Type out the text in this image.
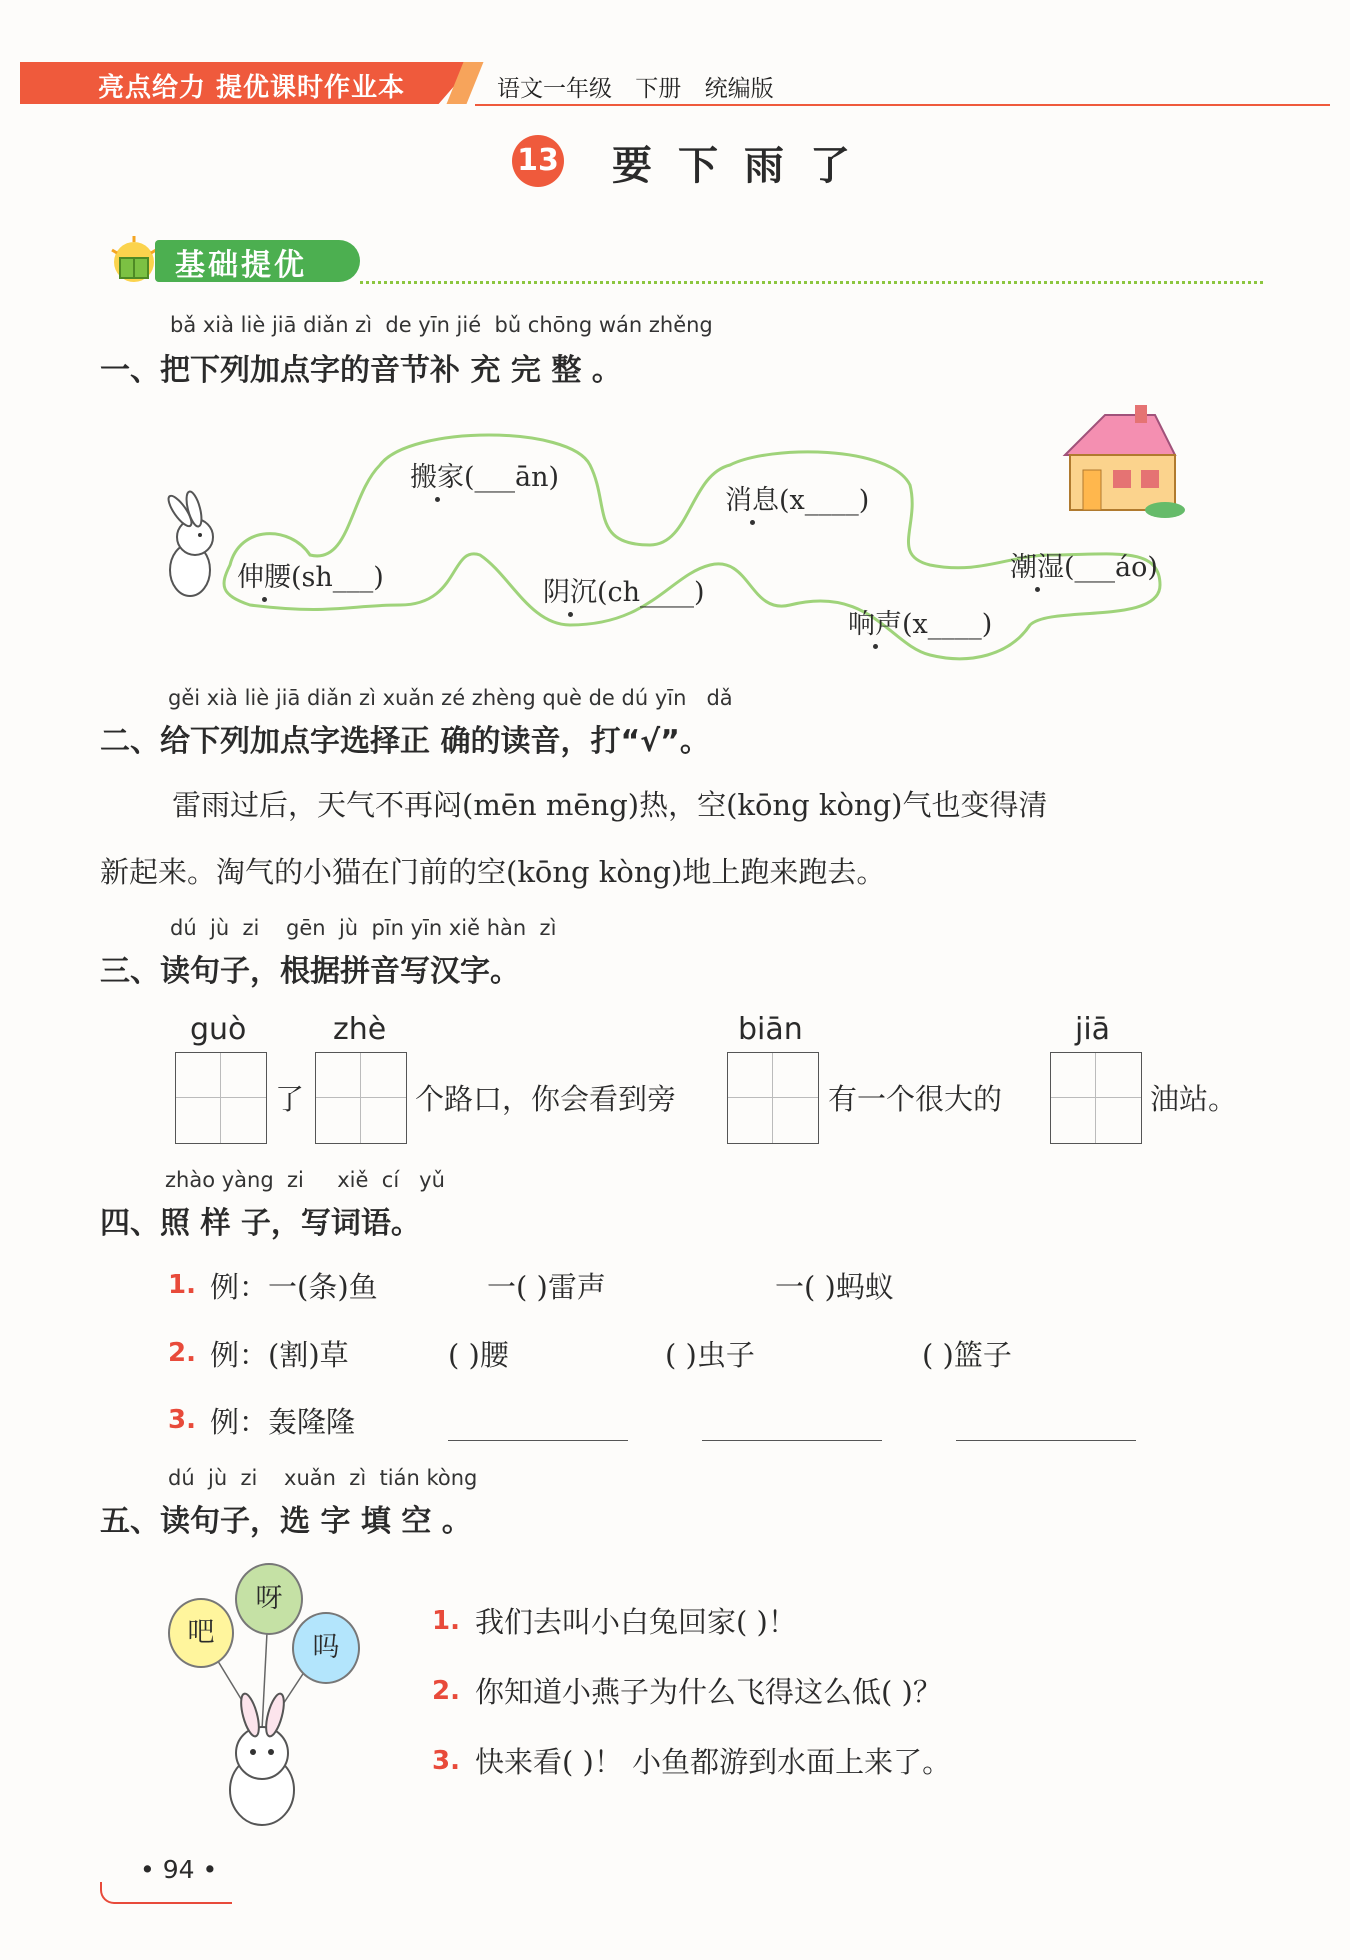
亮点给力 提优课时作业本	语文一年级 下册 统编版
13 要下雨了
基础提优
bǎ xià liè jiā diǎn zì  de yīn jié  bǔ chōng wán zhěng
一、把下列加点字的音节补 充 完 整 。
搬家(___ān)
消息(x____)
伸腰(sh___)	阴沉(ch____)
潮湿(___áo)
响声(x____)
gěi xià liè jiā diǎn zì xuǎn zé zhèng què de dú yīn   dǎ
二、给下列加点字选择正 确的读音，打“√”。
雷雨过后，天气不再闷(mēn mēng)热，空(kōng kòng)气也变得清
新起来。淘气的小猫在门前的空(kōng kòng)地上跑来跑去。
dú  jù  zi    gēn  jù  pīn yīn xiě hàn  zì
三、读句子，根据拼音写汉字。
guò
了
zhè
个路口，你会看到旁
biān
有一个很大的
jiā
油站。
zhào yàng  zi     xiě  cí   yǔ
四、照 样 子，写词语。
1. 例：一(条)鱼	一( )雷声	一( )蚂蚁
2. 例：(割)草	( )腰	( )虫子	( )篮子
3. 例：轰隆隆
dú  jù  zi    xuǎn  zì  tián kòng
五、读句子，选 字 填 空 。
吧
呀
吗
1. 我们去叫小白兔回家( )！
2. 你知道小燕子为什么飞得这么低( )？
3. 快来看( )！ 小鱼都游到水面上来了。
• 94 •
